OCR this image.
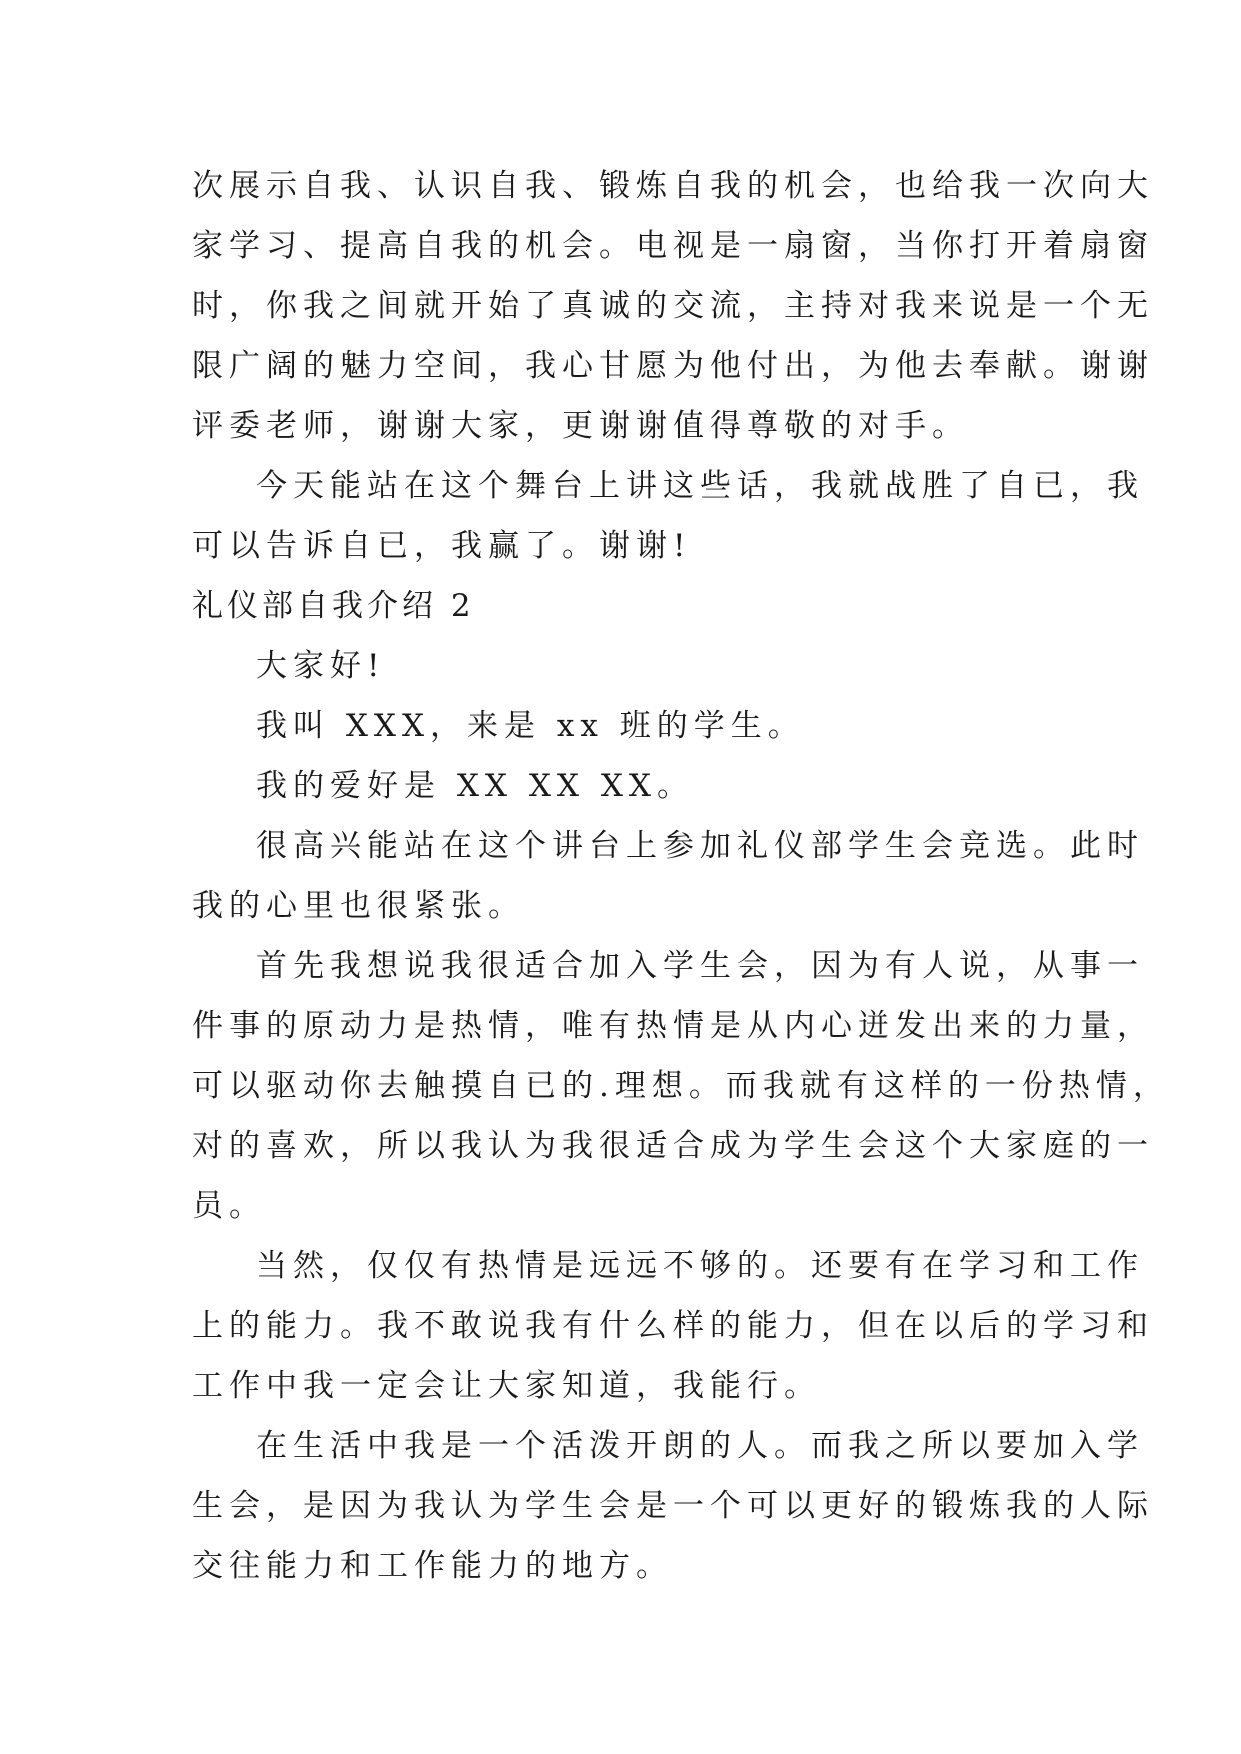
次展示自我、认识自我、锻炼自我的机会，也给我一次向大
家学习、提高自我的机会。电视是一扇窗，当你打开着扇窗
时，你我之间就开始了真诚的交流，主持对我来说是一个无
限广阔的魅力空间，我心甘愿为他付出，为他去奉献。谢谢
评委老师，谢谢大家，更谢谢值得尊敬的对手。
今天能站在这个舞台上讲这些话，我就战胜了自已，我
可以告诉自已，我赢了。谢谢!
礼仪部自我介绍 2
大家好!
我叫 XXX，来是 xx 班的学生。
我的爱好是 XX XX XX。
很高兴能站在这个讲台上参加礼仪部学生会竞选。此时
我的心里也很紧张。
首先我想说我很适合加入学生会，因为有人说，从事一
件事的原动力是热情，唯有热情是从内心迸发出来的力量，
可以驱动你去触摸自已的.理想。而我就有这样的一份热情，
对的喜欢，所以我认为我很适合成为学生会这个大家庭的一
员。
当然，仅仅有热情是远远不够的。还要有在学习和工作
上的能力。我不敢说我有什么样的能力，但在以后的学习和
工作中我一定会让大家知道，我能行。
在生活中我是一个活泼开朗的人。而我之所以要加入学
生会，是因为我认为学生会是一个可以更好的锻炼我的人际
交往能力和工作能力的地方。
